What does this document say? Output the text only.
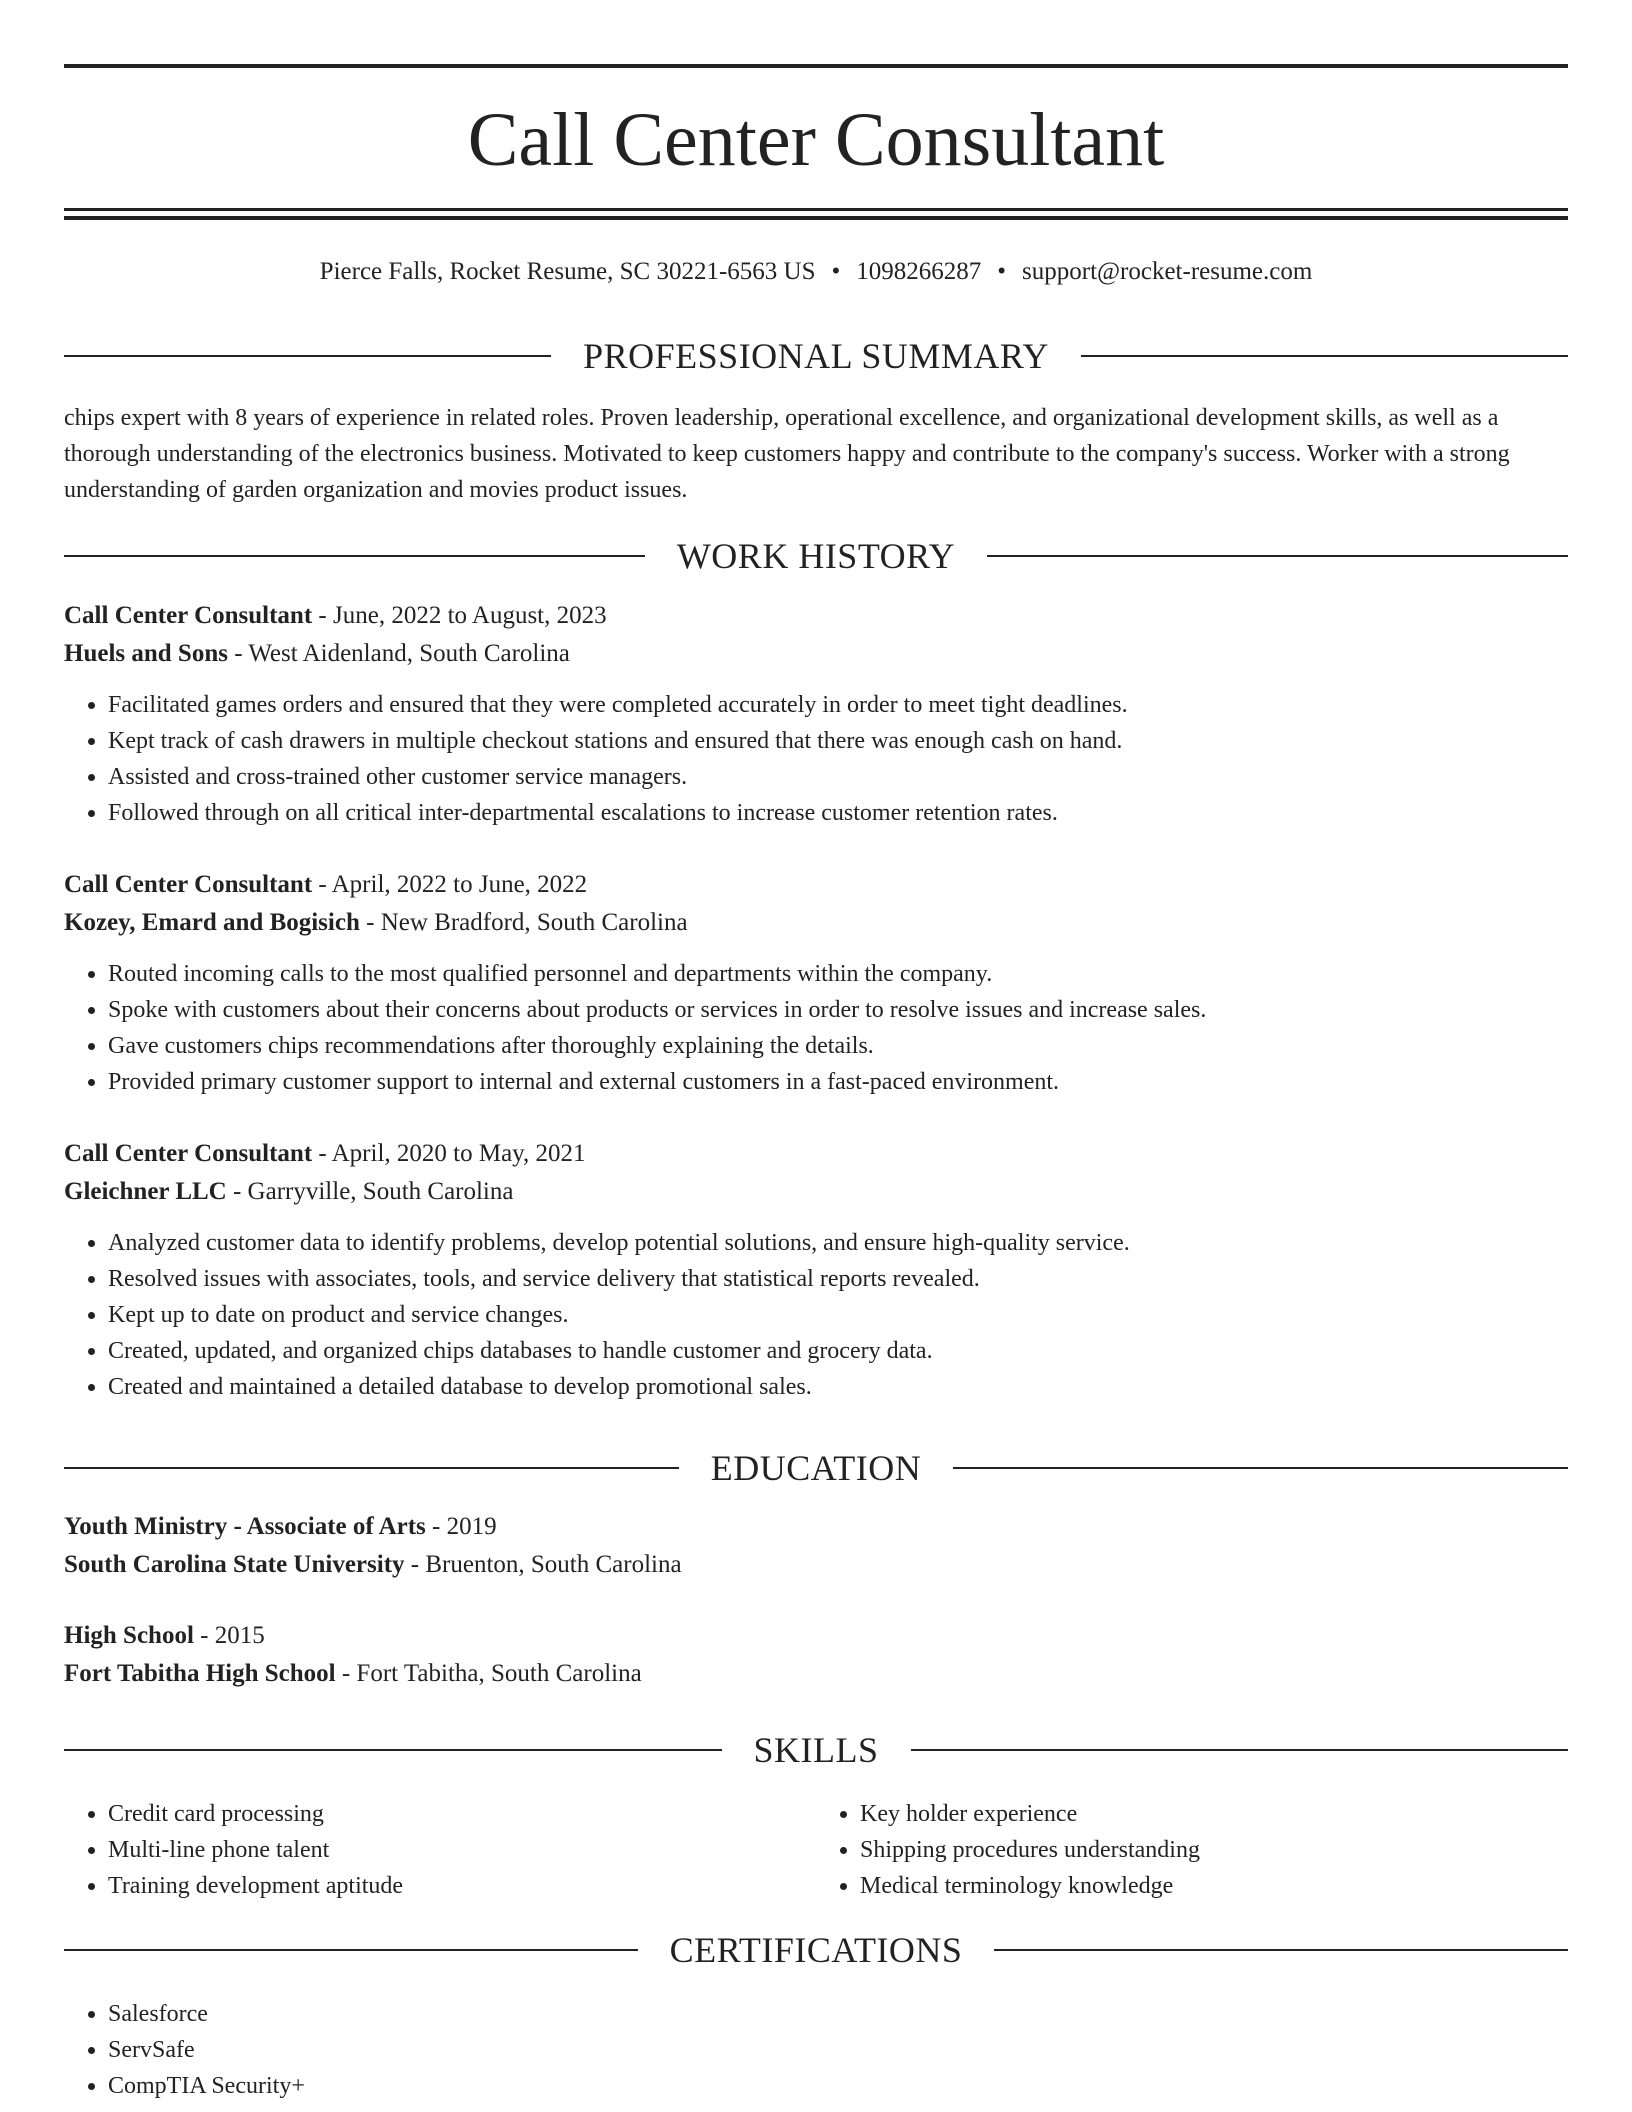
Call Center Consultant
Pierce Falls, Rocket Resume, SC 30221-6563 US • 1098266287 • support@rocket-resume.com
PROFESSIONAL SUMMARY

chips expert with 8 years of experience in related roles. Proven leadership, operational excellence, and organizational development skills, as well as a thorough understanding of the electronics business. Motivated to keep customers happy and contribute to the company's success. Worker with a strong understanding of garden organization and movies product issues.

WORK HISTORY
Call Center Consultant - June, 2022 to August, 2023
Huels and Sons - West Aidenland, South Carolina
• Facilitated games orders and ensured that they were completed accurately in order to meet tight deadlines.
• Kept track of cash drawers in multiple checkout stations and ensured that there was enough cash on hand.
• Assisted and cross-trained other customer service managers.
• Followed through on all critical inter-departmental escalations to increase customer retention rates.
Call Center Consultant - April, 2022 to June, 2022
Kozey, Emard and Bogisich - New Bradford, South Carolina
• Routed incoming calls to the most qualified personnel and departments within the company.
• Spoke with customers about their concerns about products or services in order to resolve issues and increase sales.
• Gave customers chips recommendations after thoroughly explaining the details.
• Provided primary customer support to internal and external customers in a fast-paced environment.
Call Center Consultant - April, 2020 to May, 2021
Gleichner LLC - Garryville, South Carolina
• Analyzed customer data to identify problems, develop potential solutions, and ensure high-quality service.
• Resolved issues with associates, tools, and service delivery that statistical reports revealed.
• Kept up to date on product and service changes.
• Created, updated, and organized chips databases to handle customer and grocery data.
• Created and maintained a detailed database to develop promotional sales.
EDUCATION
Youth Ministry - Associate of Arts - 2019
South Carolina State University - Bruenton, South Carolina
High School - 2015
Fort Tabitha High School - Fort Tabitha, South Carolina
SKILLS
• Credit card processing
• Multi-line phone talent
• Training development aptitude
• Key holder experience
• Shipping procedures understanding
• Medical terminology knowledge
CERTIFICATIONS
• Salesforce
• ServSafe
• CompTIA Security+
